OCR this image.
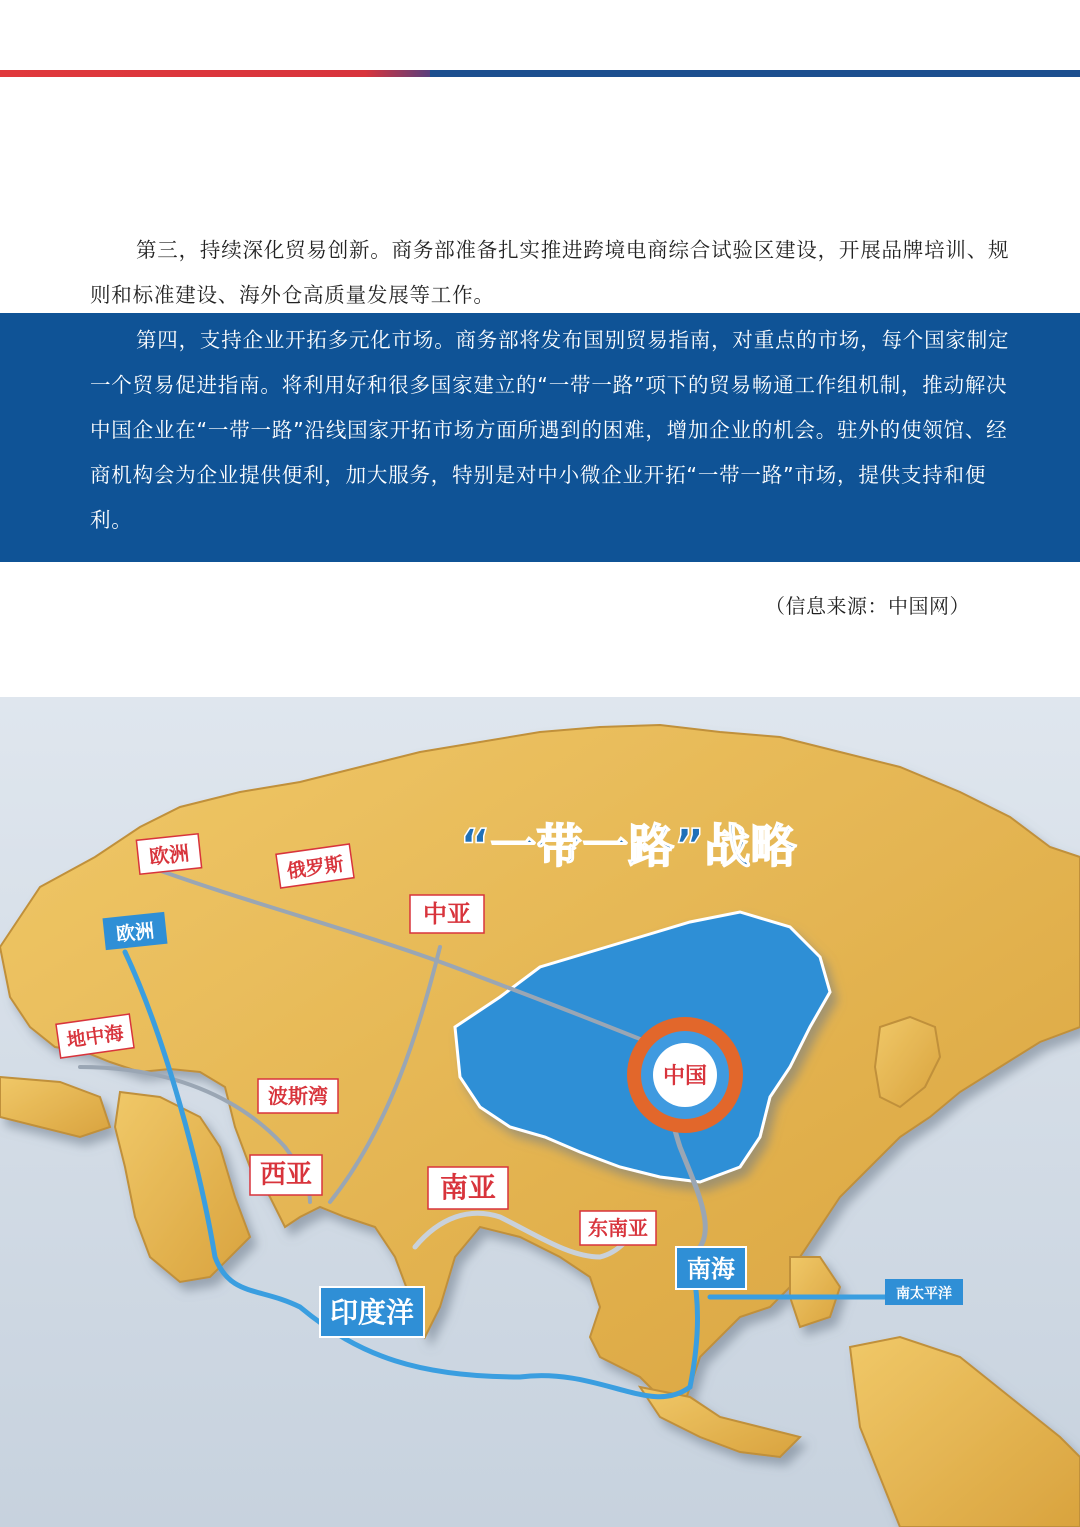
第三，持续深化贸易创新。商务部准备扎实推进跨境电商综合试验区建设，开展品牌培训、规则和标准建设、海外仓高质量发展等工作。

第四，支持企业开拓多元化市场。商务部将发布国别贸易指南，对重点的市场，每个国家制定一个贸易促进指南。将利用好和很多国家建立的“一带一路”项下的贸易畅通工作组机制，推动解决中国企业在“一带一路”沿线国家开拓市场方面所遇到的困难，增加企业的机会。驻外的使领馆、经商机构会为企业提供便利，加大服务，特别是对中小微企业开拓“一带一路”市场，提供支持和便利。

（信息来源：中国网）
中国
“一带一路”战略
欧洲	俄罗斯
中亚
地中海
波斯湾
西亚	南亚
东南亚
欧洲
印度洋
南海
南太平洋
